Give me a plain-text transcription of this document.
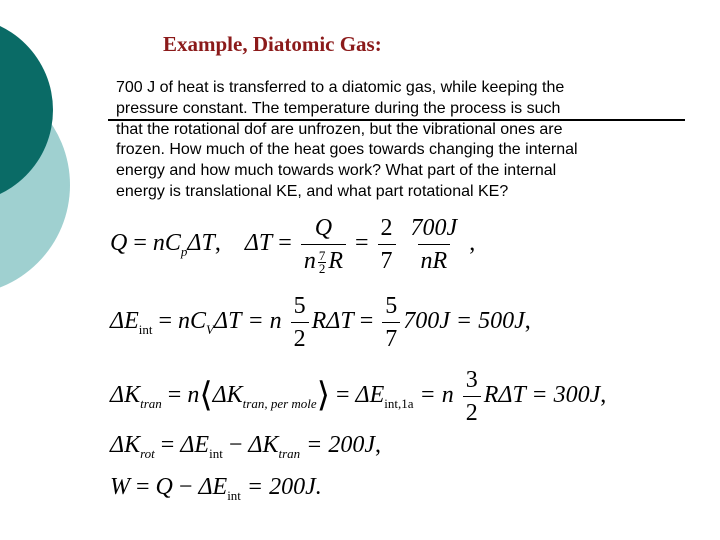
Example, Diatomic Gas:
700 J of heat is transferred to a diatomic gas, while keeping the
pressure constant. The temperature during the process is such
that the rotational dof are unfrozen, but the vibrational ones are
frozen. How much of the heat goes towards changing the internal
energy and how much towards work? What part of the internal
energy is translational KE, and what part rotational KE?
$Q = nC_p\Delta T$, $\Delta T = \frac{Q}{n \frac{7}{2} R} = \frac{2}{7}$
$\frac{700J}{nR}$ ,
$\Delta E_{int} = nC_V\Delta T = n \frac{5}{2}$ $R\Delta T = \frac{5}{7} 700J = 500J$,
$\Delta K_{tran}$ = $n⟨\Delta K_{tran, per mole}⟩ = \Delta E_{int,1a} = n \frac{3}{2}$ RΔT = 300J,
$\Delta K_{rot} = \Delta E_{int} - \Delta K_{tran} = 200J$,
$W = Q - \Delta E_{int} = 200J$.
